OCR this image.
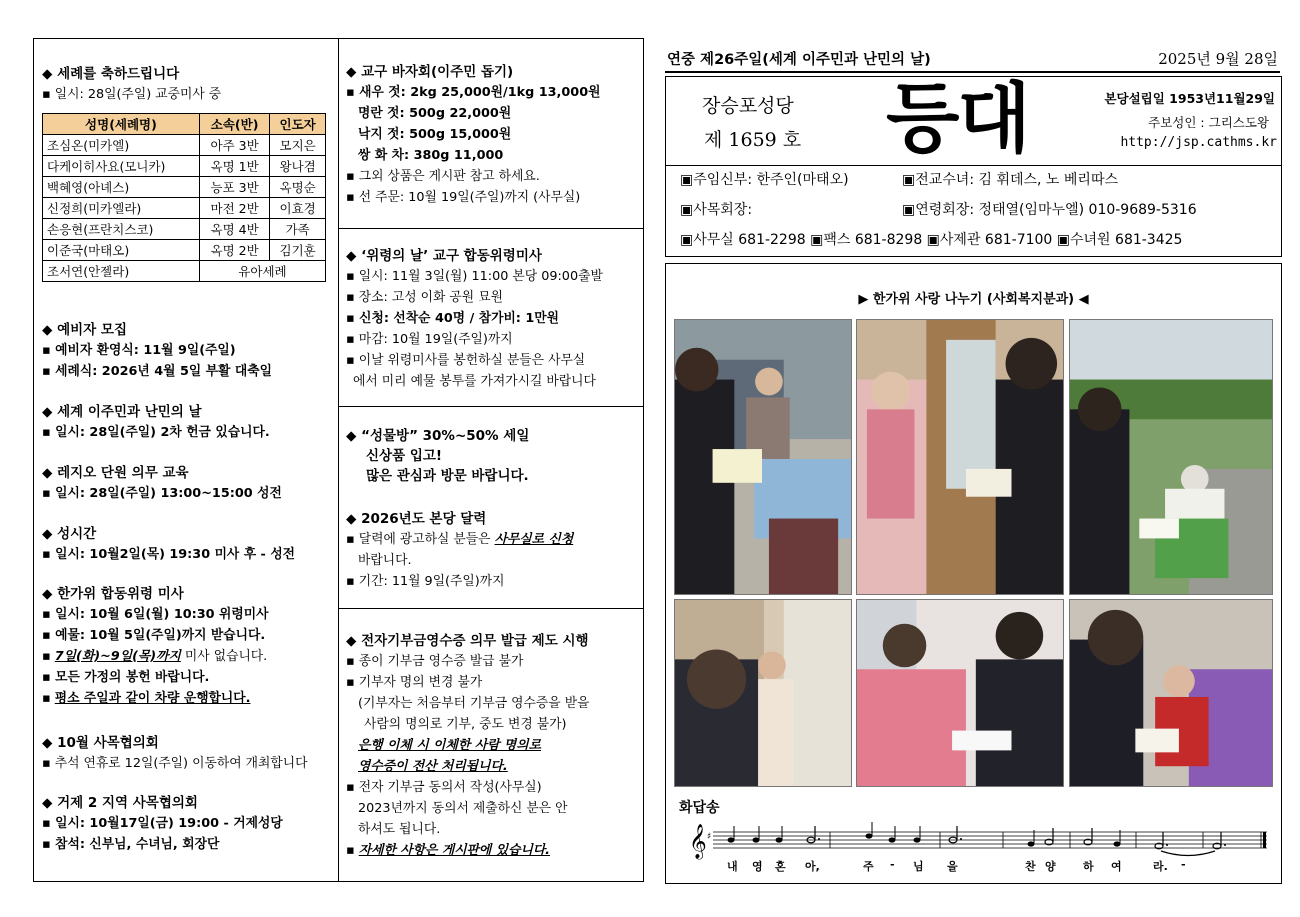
◆ 세례를 축하드립니다
▪ 일시: 28일(주일) 교중미사 중
성명(세례명)	소속(반)	인도자
조심온(미카엘)	아주 3반	모지은
다케이히사요(모니카)	옥명 1반	왕나겸
백혜영(아녜스)	능포 3반	옥명순
신정희(미카엘라)	마전 2반	이효경
손응현(프란치스코)	옥명 4반	가족
이준국(마태오)	옥명 2반	김기훈
조서연(안젤라)	유아세례	
◆ 예비자 모집
▪ 예비자 환영식: 11월 9일(주일)
▪ 세례식: 2026년 4월 5일 부활 대축일
◆ 세계 이주민과 난민의 날
▪ 일시: 28일(주일) 2차 헌금 있습니다.
◆ 레지오 단원 의무 교육
▪ 일시: 28일(주일) 13:00~15:00 성전
◆ 성시간
▪ 일시: 10월2일(목) 19:30 미사 후 - 성전
◆ 한가위 합동위령 미사
▪ 일시: 10월 6일(월) 10:30 위령미사
▪ 예물: 10월 5일(주일)까지 받습니다.
▪ 7일(화)~9일(목)까지 미사 없습니다.
▪ 모든 가정의 봉헌 바랍니다.
▪ 평소 주일과 같이 차량 운행합니다.
◆ 10월 사목협의회
▪ 추석 연휴로 12일(주일) 이동하여 개최합니다
◆ 거제 2 지역 사목협의회
▪ 일시: 10월17일(금) 19:00 - 거제성당
▪ 참석: 신부님, 수녀님, 회장단
◆ 교구 바자회(이주민 돕기)
▪ 새우 젓: 2kg 25,000원/1kg 13,000원
명란 젓: 500g 22,000원
낙지 젓: 500g 15,000원
쌍 화 차: 380g 11,000
▪ 그외 상품은 게시판 참고 하세요.
▪ 선 주문: 10월 19일(주일)까지 (사무실)
◆ ‘위령의 날’ 교구 합동위령미사
▪ 일시: 11월 3일(월) 11:00 본당 09:00출발
▪ 장소: 고성 이화 공원 묘원
▪ 신청: 선착순 40명 / 참가비: 1만원
▪ 마감: 10월 19일(주일)까지
▪ 이날 위령미사를 봉헌하실 분들은 사무실
에서 미리 예물 봉투를 가져가시길 바랍니다
◆ “성물방” 30%~50% 세일
신상품 입고!
많은 관심과 방문 바랍니다.
◆ 2026년도 본당 달력
▪ 달력에 광고하실 분들은 사무실로 신청
바랍니다.
▪ 기간: 11월 9일(주일)까지
◆ 전자기부금영수증 의무 발급 제도 시행
▪ 종이 기부금 영수증 발급 불가
▪ 기부자 명의 변경 불가
(기부자는 처음부터 기부금 영수증을 받을
사람의 명의로 기부, 중도 변경 불가)
은행 이체 시 이체한 사람 명의로
영수증이 전산 처리됩니다.
▪ 전자 기부금 동의서 작성(사무실)
2023년까지 동의서 제출하신 분은 안
하셔도 됩니다.
▪ 자세한 사항은 게시판에 있습니다.
연중 제26주일(세계 이주민과 난민의 날)	2025년 9월 28일
장승포성당
제 1659 호 등대	본당설립일 1953년11월29일
주보성인 : 그리스도왕
http://jsp.cathms.kr
▣주임신부: 한주인(마태오)	▣전교수녀: 김 휘데스, 노 베리따스
▣사목회장:	▣연령회장: 정태열(임마누엘) 010-9689-5316
▣사무실 681-2298 ▣팩스 681-8298 ▣사제관 681-7100 ▣수녀원 681-3425
▶ 한가위 사랑 나누기 (사회복지분과) ◀
화답송
𝄞 ♯
내 영 혼 아,	주 - 님 을	찬 양 하 여	라. -
